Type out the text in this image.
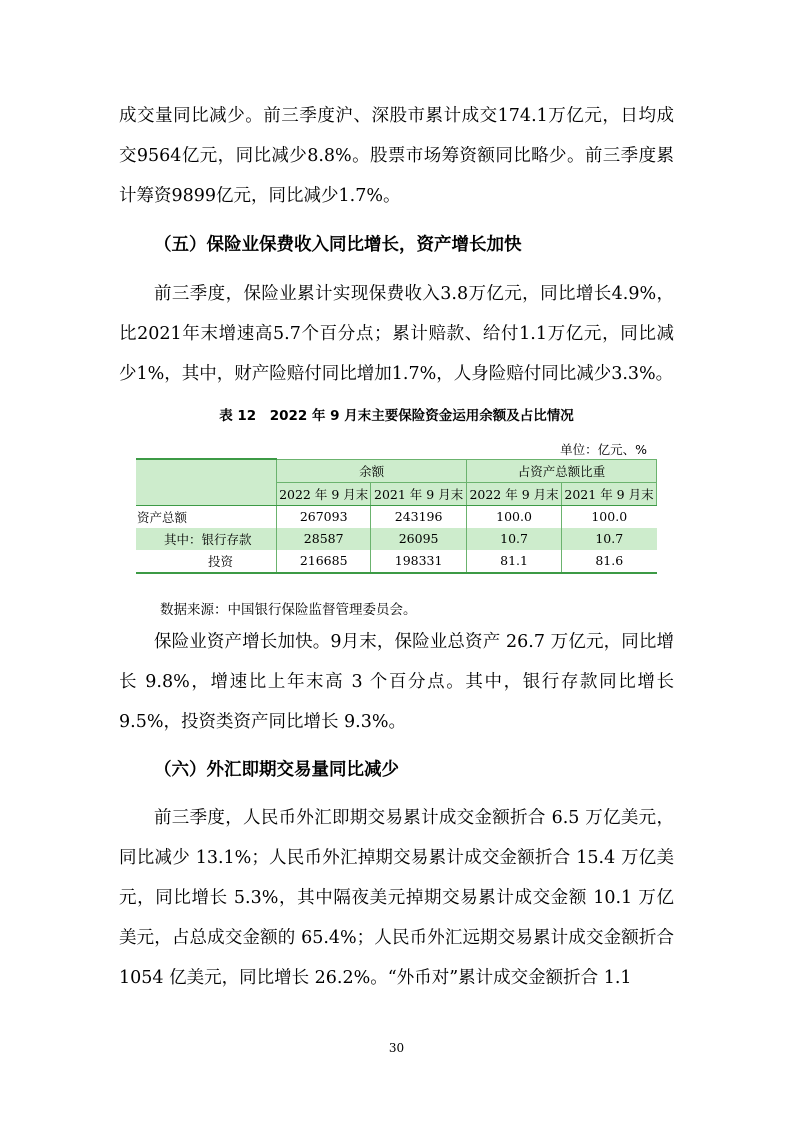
成交量同比减少。前三季度沪、深股市累计成交174.1万亿元，日均成交9564亿元，同比减少8.8%。股票市场筹资额同比略少。前三季度累计筹资9899亿元，同比减少1.7%。

（五）保险业保费收入同比增长，资产增长加快

前三季度，保险业累计实现保费收入3.8万亿元，同比增长4.9%，比2021年末增速高5.7个百分点；累计赔款、给付1.1万亿元，同比减少1%，其中，财产险赔付同比增加1.7%，人身险赔付同比减少3.3%。

表 12　2022 年 9 月末主要保险资金运用余额及占比情况
单位：亿元、%
	余额		占资产总额比重	
	2022 年 9 月末	2021 年 9 月末	2022 年 9 月末	2021 年 9 月末
资产总额	267093	243196	100.0	100.0
其中：银行存款	28587	26095	10.7	10.7
投资	216685	198331	81.1	81.6
数据来源：中国银行保险监督管理委员会。

保险业资产增长加快。9月末，保险业总资产 26.7 万亿元，同比增长 9.8%，增速比上年末高 3 个百分点。其中，银行存款同比增长 9.5%，投资类资产同比增长 9.3%。

（六）外汇即期交易量同比减少

前三季度，人民币外汇即期交易累计成交金额折合 6.5 万亿美元，同比减少 13.1%；人民币外汇掉期交易累计成交金额折合 15.4 万亿美元，同比增长 5.3%，其中隔夜美元掉期交易累计成交金额 10.1 万亿美元，占总成交金额的 65.4%；人民币外汇远期交易累计成交金额折合 1054 亿美元，同比增长 26.2%。“外币对”累计成交金额折合 1.1

30
